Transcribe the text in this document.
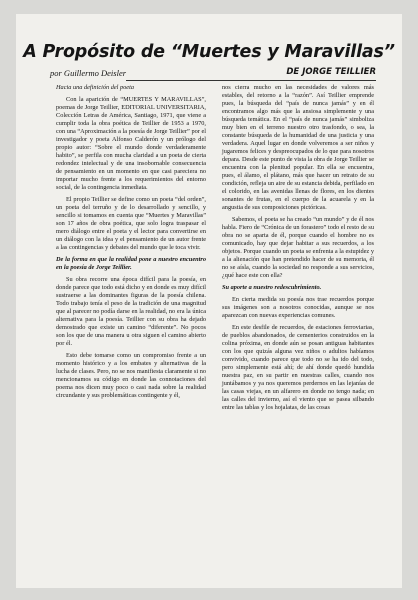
A Propósito de “Muertes y Maravillas”
por Guillermo Deisler	DE JORGE TEILLIER

Hacia una definición del poeta

Con la aparición de “MUERTES Y MARAVILLAS”, poemas de Jorge Teillier, EDITORIAL UNIVERSITARIA, Colección Letras de América, Santiago, 1971, que viene a cumplir toda la obra poética de Teillier de 1953 a 1970, con una “Aproximación a la poesía de Jorge Teillier” por el investigador y poeta Alfonso Calderón y un prólogo del propio autor: “Sobre el mundo donde verdaderamente habito”, se perfila con mucha claridad a un poeta de cierta redondez intelectual y de una insobornable consecuencia de pensamiento en un momento en que casi pareciera no importar mucho frente a los requerimientos del entorno social, de la contingencia inmediata.

El propio Teillier se define como un poeta “del orden”, un poeta del terruño y de lo desarrollado y sencillo, y sencillo si tomamos en cuenta que “Muertes y Maravillas” son 17 años de obra poética, que solo logra traspasar el mero diálogo entre el poeta y el lector para convertirse en un diálogo con la idea y el pensamiento de un autor frente a las contingencias y debates del mundo que le toca vivir.

De la forma en que la realidad pone a nuestro encuentro en la poesía de Jorge Teillier.

Su obra recorre una época difícil para la poesía, en donde parece que todo está dicho y en donde es muy difícil sustraerse a las dominantes figuras de la poesía chilena. Todo trabajo tenía el peso de la tradición de una magnitud que al parecer no podía darse en la realidad, no era la única alternativa para la poesía. Teillier con su obra ha dejado demostrado que existe un camino “diferente”. No pocos son los que de una manera u otra siguen el camino abierto por él.

Esto debe tomarse como un compromiso frente a un momento histórico y a los embates y alternativas de la lucha de clases. Pero, no se nos manifiesta claramente si no mencionamos su código en donde las connotaciones del poema nos dicen muy poco o casi nada sobre la realidad circundante y sus problemáticas contingente y él,

nos cierra mucho en las necesidades de valores más estables, del retorno a la “razón”. Así Teillier emprende pues, la búsqueda del “país de nunca jamás” y en él encontramos algo más que la ansiosa simplemente y una búsqueda temática. En el “país de nunca jamás” simboliza muy bien en el terreno nuestro otro trasfondo, o sea, la constante búsqueda de la humanidad de una justicia y una verdadera. Aquel lugar en donde volveremos a ser niños y jugaremos felices y despreocupados de lo que para nosotros depara. Desde este punto de vista la obra de Jorge Teillier se encuentra con la plenitud popular. En ella se encuentra, pues, el álamo, el plátano, más que hacer un retrato de su condición, refleja un aire de su estancia debida, perfilado en el colorido, en las avenidas llenas de flores, en los dientes sonantes de frutas, en el cuerpo de la acuarela y en la angustia de sus composiciones pictóricas.

Sabemos, el poeta se ha creado “un mundo” y de él nos habla. Fiero de “Crónica de un forastero” todo el resto de su obra no se aparta de él, porque cuando el hombre no es comunicado, hay que dejar habitar a sus recuerdos, a los objetos. Porque cuando un poeta se enfrenta a la estupidez y a la alienación que han pretendido hacer de su memoria, él no se aísla, cuando la sociedad no responde a sus servicios, ¿qué hace este con ella?

Su aporte a nuestro redescubrimiento.

En cierta medida su poesía nos trae recuerdos porque sus imágenes son a nosotros conocidas, aunque se nos aparezcan con nuevas experiencias comunes.

En este desfile de recuerdos, de estaciones ferroviarias, de pueblos abandonados, de cementerios construidos en la colina próxima, en donde aún se posan antiguas habitantes con los que quizás alguna vez niños o adultos habíamos convivido, cuando parece que todo no se ha ido del todo, pero simplemente está ahí; de ahí donde quedó hundida nuestra paz, en su partir en nuestras calles, cuando nos juntábamos y ya nos queremos perdernos en las lejanías de las casas viejas, en un alfarero en donde no tengo nada; en las calles del invierno, así el viento que se pasea silbando entre las tablas y los hojalatas, de las cosas
